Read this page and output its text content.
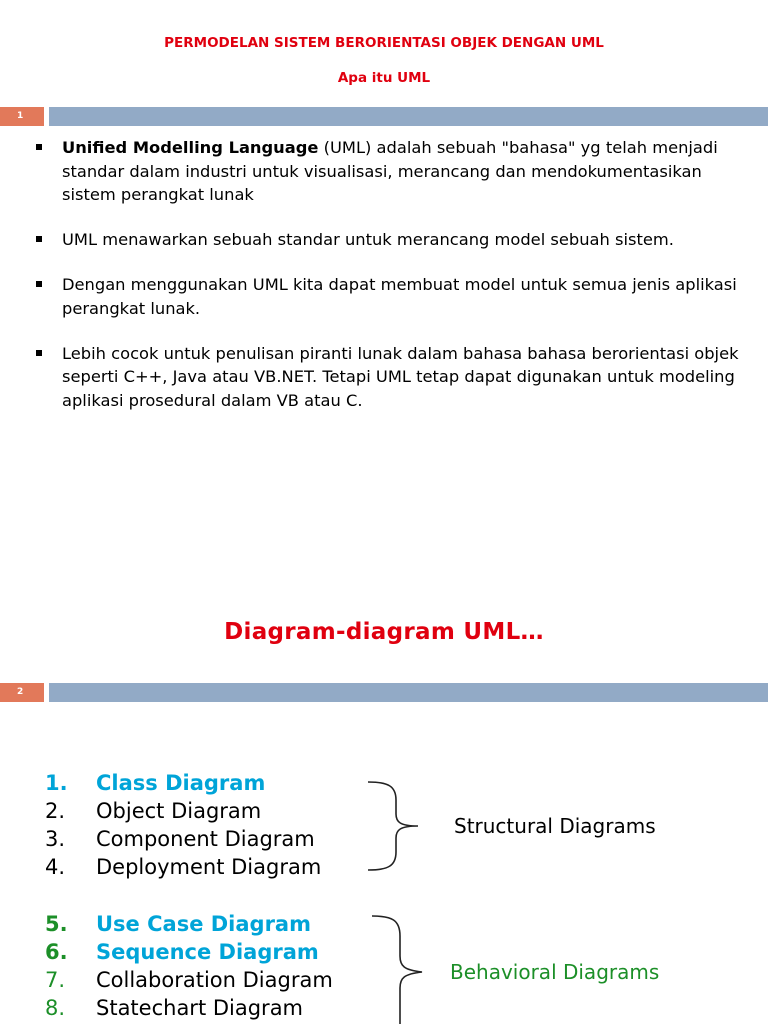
PERMODELAN SISTEM BERORIENTASI OBJEK DENGAN UML
Apa itu UML
1
Unified Modelling Language (UML) adalah sebuah "bahasa" yg telah menjadi standar dalam industri untuk visualisasi, merancang dan mendokumentasikan sistem perangkat lunak
UML menawarkan sebuah standar untuk merancang model sebuah sistem.
Dengan menggunakan UML kita dapat membuat model untuk semua jenis aplikasi perangkat lunak.
Lebih cocok untuk penulisan piranti lunak dalam bahasa bahasa berorientasi objek seperti C++, Java atau VB.NET. Tetapi UML tetap dapat digunakan untuk modeling aplikasi prosedural dalam VB atau C.
Diagram-diagram UML…
2
1. Class Diagram
2. Object Diagram
3. Component Diagram
4. Deployment Diagram
Structural Diagrams
5. Use Case Diagram
6. Sequence Diagram
7. Collaboration Diagram
8. Statechart Diagram
Behavioral Diagrams
